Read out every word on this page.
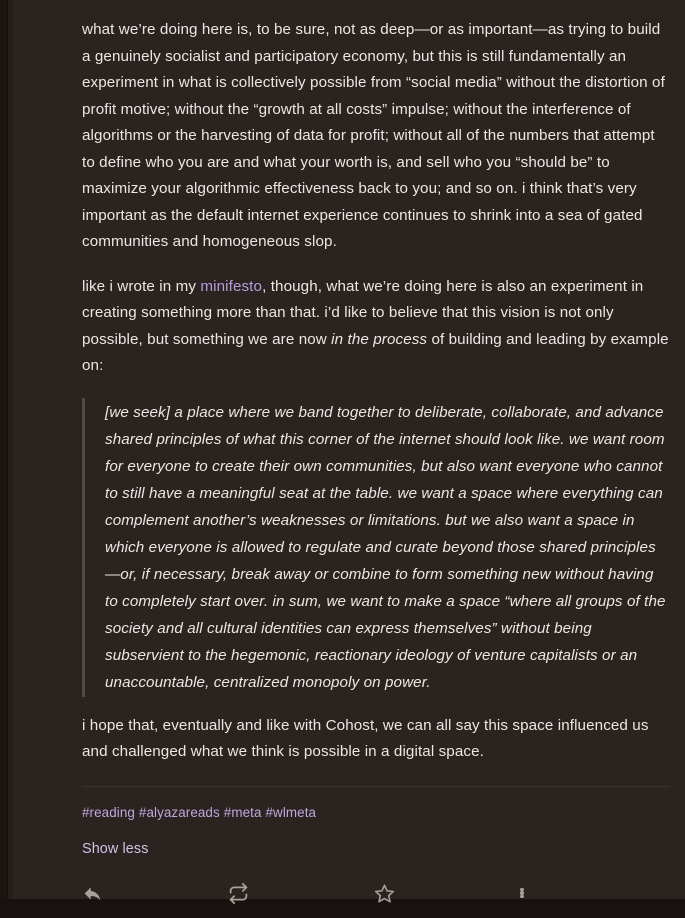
what we’re doing here is, to be sure, not as deep—or as important—as trying to build a genuinely socialist and participatory economy, but this is still fundamentally an experiment in what is collectively possible from “social media” without the distortion of profit motive; without the “growth at all costs” impulse; without the interference of algorithms or the harvesting of data for profit; without all of the numbers that attempt to define who you are and what your worth is, and sell who you “should be” to maximize your algorithmic effectiveness back to you; and so on. i think that’s very important as the default internet experience continues to shrink into a sea of gated communities and homogeneous slop.

like i wrote in my minifesto, though, what we’re doing here is also an experiment in creating something more than that. i’d like to believe that this vision is not only possible, but something we are now in the process of building and leading by example on:

[we seek] a place where we band together to deliberate, collaborate, and advance shared principles of what this corner of the internet should look like. we want room for everyone to create their own communities, but also want everyone who cannot to still have a meaningful seat at the table. we want a space where everything can complement another’s weaknesses or limitations. but we also want a space in which everyone is allowed to regulate and curate beyond those shared principles—or, if necessary, break away or combine to form something new without having to completely start over. in sum, we want to make a space “where all groups of the society and all cultural identities can express themselves” without being subservient to the hegemonic, reactionary ideology of venture capitalists or an unaccountable, centralized monopoly on power.

i hope that, eventually and like with Cohost, we can all say this space influenced us and challenged what we think is possible in a digital space.

#reading #alyazareads #meta #wlmeta
Show less
